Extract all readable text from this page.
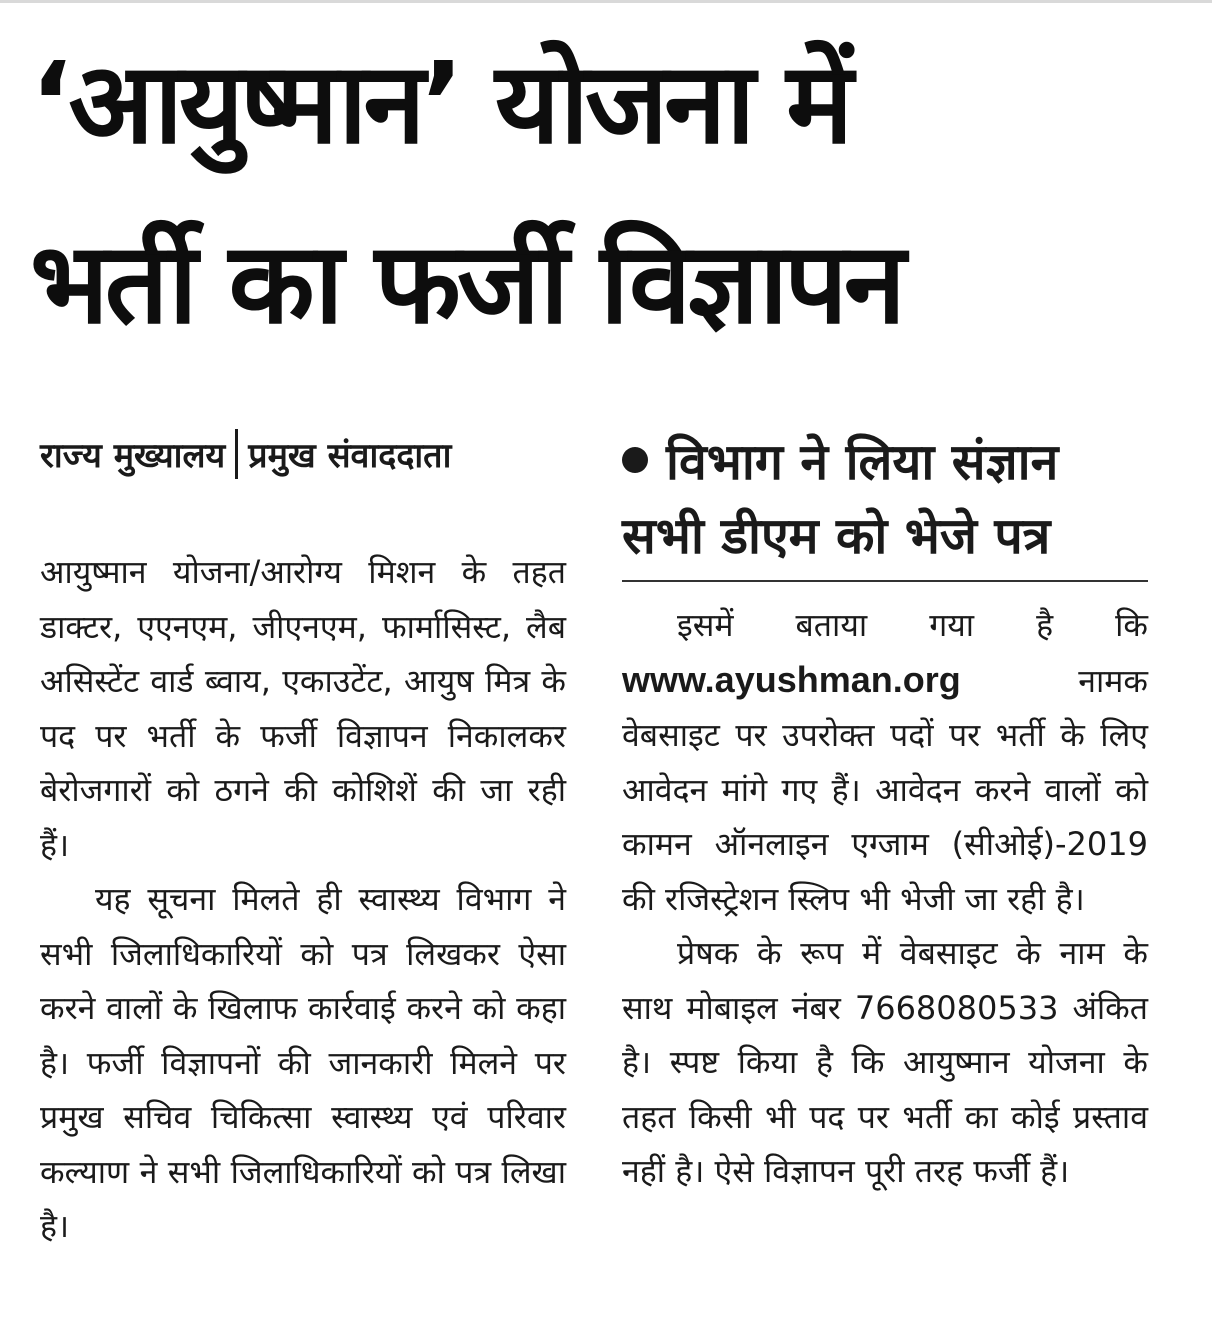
‘आयुष्मान’ योजना में
भर्ती का फर्जी विज्ञापन
राज्य मुख्यालय प्रमुख संवाददाता

आयुष्मान योजना/आरोग्य मिशन के तहत डाक्टर, एएनएम, जीएनएम, फार्मासिस्ट, लैब असिस्टेंट वार्ड ब्वाय, एकाउटेंट, आयुष मित्र के पद पर भर्ती के फर्जी विज्ञापन निकालकर बेरोजगारों को ठगने की कोशिशें की जा रही हैं।

यह सूचना मिलते ही स्वास्थ्य विभाग ने सभी जिलाधिकारियों को पत्र लिखकर ऐसा करने वालों के खिलाफ कार्रवाई करने को कहा है। फर्जी विज्ञापनों की जानकारी मिलने पर प्रमुख सचिव चिकित्सा स्वास्थ्य एवं परिवार कल्याण ने सभी जिलाधिकारियों को पत्र लिखा है।

विभाग ने लिया संज्ञान
सभी डीएम को भेजे पत्र

इसमें बताया गया है कि www.ayushman.org	नामक वेबसाइट पर उपरोक्त पदों पर भर्ती के लिए आवेदन मांगे गए हैं। आवेदन करने वालों को कामन ऑनलाइन एग्जाम (सीओई)-2019 की रजिस्ट्रेशन स्लिप भी भेजी जा रही है।

प्रेषक के रूप में वेबसाइट के नाम के साथ मोबाइल नंबर 7668080533 अंकित है। स्पष्ट किया है कि आयुष्मान योजना के तहत किसी भी पद पर भर्ती का कोई प्रस्ताव नहीं है। ऐसे विज्ञापन पूरी तरह फर्जी हैं।
